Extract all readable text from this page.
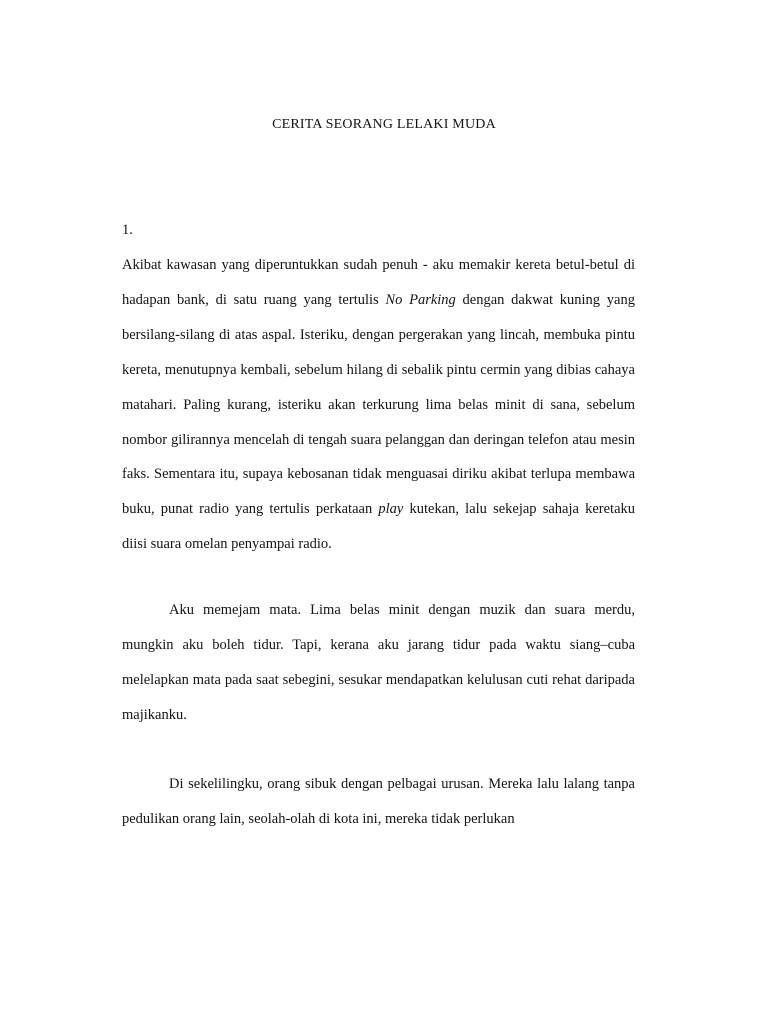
CERITA SEORANG LELAKI MUDA
1.

Akibat kawasan yang diperuntukkan sudah penuh - aku memakir kereta betul-betul di hadapan bank, di satu ruang yang tertulis No Parking dengan dakwat kuning yang bersilang-silang di atas aspal. Isteriku, dengan pergerakan yang lincah, membuka pintu kereta, menutupnya kembali, sebelum hilang di sebalik pintu cermin yang dibias cahaya matahari. Paling kurang, isteriku akan terkurung lima belas minit di sana, sebelum nombor gilirannya mencelah di tengah suara pelanggan dan deringan telefon atau mesin faks. Sementara itu, supaya kebosanan tidak menguasai diriku akibat terlupa membawa buku, punat radio yang tertulis perkataan play kutekan, lalu sekejap sahaja keretaku diisi suara omelan penyampai radio.

Aku memejam mata. Lima belas minit dengan muzik dan suara merdu, mungkin aku boleh tidur. Tapi, kerana aku jarang tidur pada waktu siang–cuba melelapkan mata pada saat sebegini, sesukar mendapatkan kelulusan cuti rehat daripada majikanku.

Di sekelilingku, orang sibuk dengan pelbagai urusan. Mereka lalu lalang tanpa pedulikan orang lain, seolah-olah di kota ini, mereka tidak perlukan
